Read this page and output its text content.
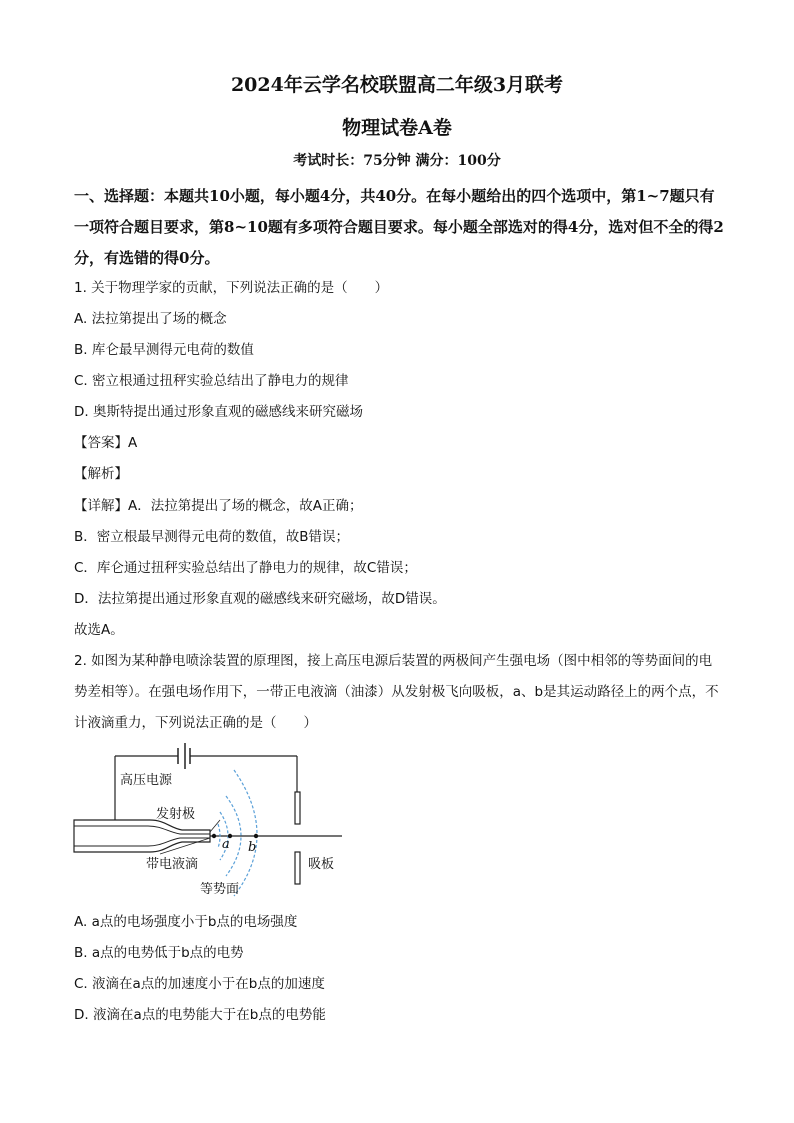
2024年云学名校联盟高二年级3月联考
物理试卷A卷
考试时长：75分钟 满分：100分
一、选择题：本题共10小题，每小题4分，共40分。在每小题给出的四个选项中，第1~7题只有一项符合题目要求，第8~10题有多项符合题目要求。每小题全部选对的得4分，选对但不全的得2分，有选错的得0分。
1. 关于物理学家的贡献，下列说法正确的是（　　）
A. 法拉第提出了场的概念
B. 库仑最早测得元电荷的数值
C. 密立根通过扭秤实验总结出了静电力的规律
D. 奥斯特提出通过形象直观的磁感线来研究磁场
【答案】A
【解析】
【详解】A．法拉第提出了场的概念，故A正确；
B．密立根最早测得元电荷的数值，故B错误；
C．库仑通过扭秤实验总结出了静电力的规律，故C错误；
D．法拉第提出通过形象直观的磁感线来研究磁场，故D错误。
故选A。
2. 如图为某种静电喷涂装置的原理图，接上高压电源后装置的两极间产生强电场（图中相邻的等势面间的电势差相等）。在强电场作用下，一带正电液滴（油漆）从发射极飞向吸板，a、b是其运动路径上的两个点，不计液滴重力，下列说法正确的是（　　）
高压电源
发射极
带电液滴
等势面
吸板
a b
A. a点的电场强度小于b点的电场强度
B. a点的电势低于b点的电势
C. 液滴在a点的加速度小于在b点的加速度
D. 液滴在a点的电势能大于在b点的电势能
